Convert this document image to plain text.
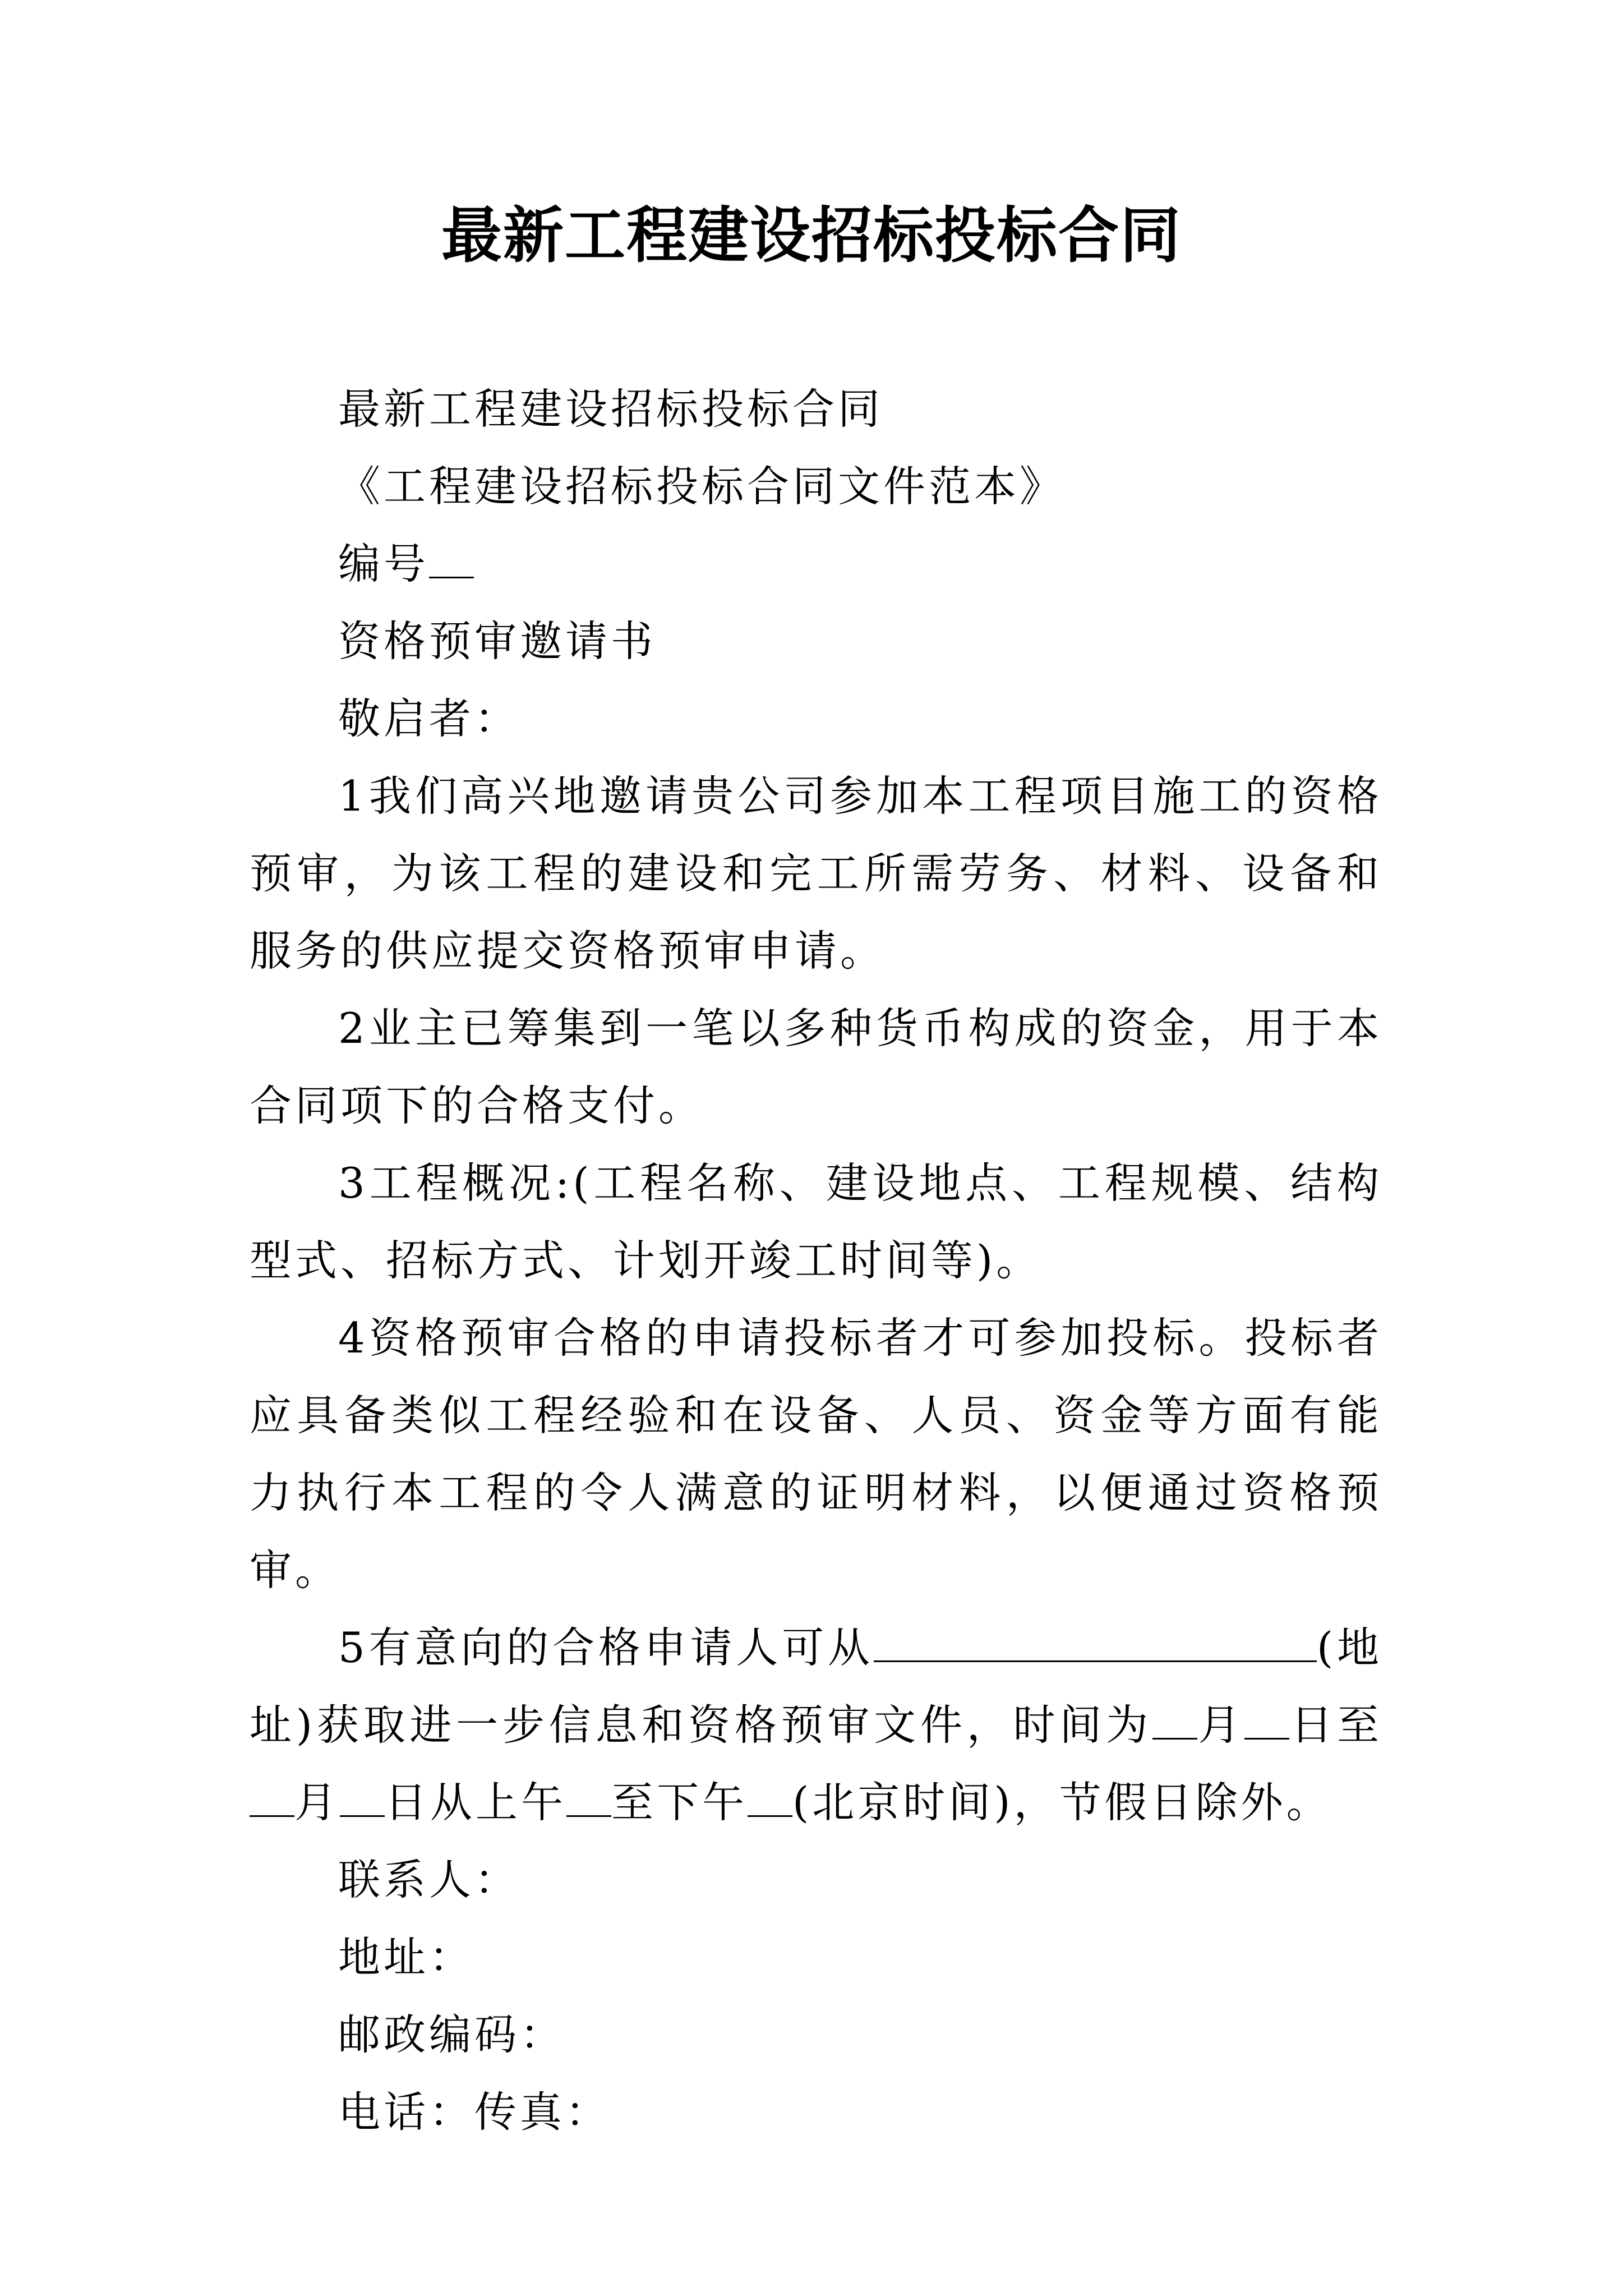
最新工程建设招标投标合同

最新工程建设招标投标合同

《工程建设招标投标合同文件范本》

编号

资格预审邀请书

敬启者：

1我们高兴地邀请贵公司参加本工程项目施工的资格预审，为该工程的建设和完工所需劳务、材料、设备和服务的供应提交资格预审申请。

2业主已筹集到一笔以多种货币构成的资金，用于本合同项下的合格支付。

3工程概况:(工程名称、建设地点、工程规模、结构型式、招标方式、计划开竣工时间等)。

4资格预审合格的申请投标者才可参加投标。投标者应具备类似工程经验和在设备、人员、资金等方面有能力执行本工程的令人满意的证明材料，以便通过资格预审。

5有意向的合格申请人可从	(地址)获取进一步信息和资格预审文件，时间为 月 日至月 日从上午 至下午 (北京时间)，节假日除外。

联系人：

地址：

邮政编码：

电话：传真：
